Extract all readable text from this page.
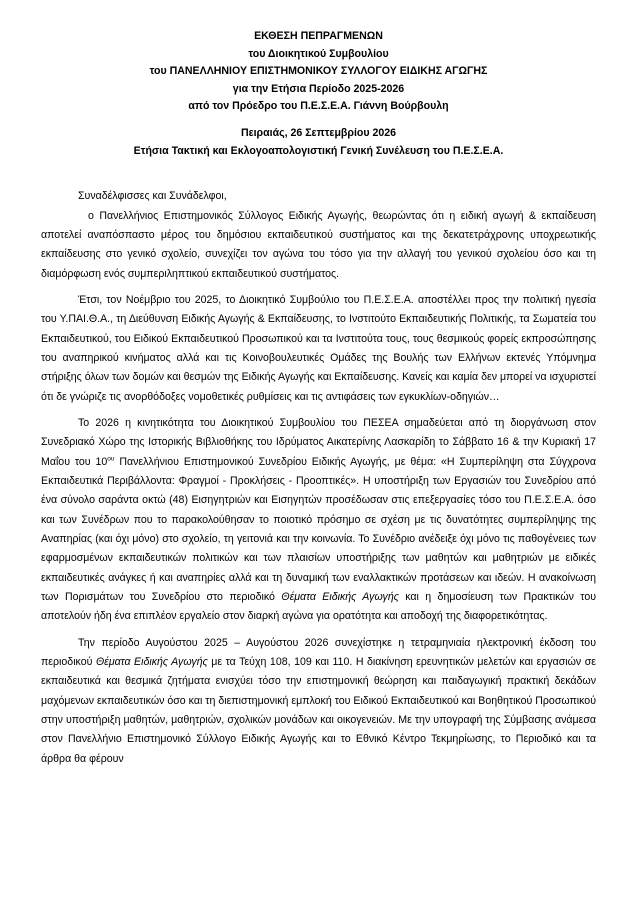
ΕΚΘΕΣΗ ΠΕΠΡΑΓΜΕΝΩΝ
του Διοικητικού Συμβουλίου
του ΠΑΝΕΛΛΗΝΙΟΥ ΕΠΙΣΤΗΜΟΝΙΚΟΥ ΣΥΛΛΟΓΟΥ ΕΙΔΙΚΗΣ ΑΓΩΓΗΣ
για την Ετήσια Περίοδο 2025-2026
από τον Πρόεδρο του Π.Ε.Σ.Ε.Α. Γιάννη Βούρβουλη
Πειραιάς, 26 Σεπτεμβρίου 2026
Ετήσια Τακτική και Εκλογοαπολογιστική Γενική Συνέλευση του Π.Ε.Σ.Ε.Α.

Συναδέλφισσες και Συνάδελφοι,

ο Πανελλήνιος Επιστημονικός Σύλλογος Ειδικής Αγωγής, θεωρώντας ότι η ειδική αγωγή & εκπαίδευση αποτελεί αναπόσπαστο μέρος του δημόσιου εκπαιδευτικού συστήματος και της δεκατετράχρονης υποχρεωτικής εκπαίδευσης στο γενικό σχολείο, συνεχίζει τον αγώνα του τόσο για την αλλαγή του γενικού σχολείου όσο και τη διαμόρφωση ενός συμπεριληπτικού εκπαιδευτικού συστήματος.

Έτσι, τον Νοέμβριο του 2025, το Διοικητικό Συμβούλιο του Π.Ε.Σ.Ε.Α. αποστέλλει προς την πολιτική ηγεσία του Υ.ΠΑΙ.Θ.Α., τη Διεύθυνση Ειδικής Αγωγής & Εκπαίδευσης, το Ινστιτούτο Εκπαιδευτικής Πολιτικής, τα Σωματεία του Εκπαιδευτικού, του Ειδικού Εκπαιδευτικού Προσωπικού και τα Ινστιτούτα τους, τους θεσμικούς φορείς εκπροσώπησης του αναπηρικού κινήματος αλλά και τις Κοινοβουλευτικές Ομάδες της Βουλής των Ελλήνων εκτενές Υπόμνημα στήριξης όλων των δομών και θεσμών της Ειδικής Αγωγής και Εκπαίδευσης. Κανείς και καμία δεν μπορεί να ισχυριστεί ότι δε γνώριζε τις ανορθόδοξες νομοθετικές ρυθμίσεις και τις αντιφάσεις των εγκυκλίων-οδηγιών…

Το 2026 η κινητικότητα του Διοικητικού Συμβουλίου του ΠΕΣΕΑ σημαδεύεται από τη διοργάνωση στον Συνεδριακό Χώρο της Ιστορικής Βιβλιοθήκης του Ιδρύματος Αικατερίνης Λασκαρίδη το Σάββατο 16 & την Κυριακή 17 Μαΐου του $10^{o\upsilon}$ Πανελλήνιου Επιστημονικού Συνεδρίου Ειδικής Αγωγής, με θέμα: «Η Συμπερίληψη στα Σύγχρονα Εκπαιδευτικά Περιβάλλοντα: Φραγμοί - Προκλήσεις - Προοπτικές». Η υποστήριξη των Εργασιών του Συνεδρίου από ένα σύνολο σαράντα οκτώ (48) Εισηγητριών και Εισηγητών προσέδωσαν στις επεξεργασίες τόσο του Π.Ε.Σ.Ε.Α. όσο και των Συνέδρων που το παρακολούθησαν το ποιοτικό πρόσημο σε σχέση με τις δυνατότητες συμπερίληψης της Αναπηρίας (και όχι μόνο) στο σχολείο, τη γειτονιά και την κοινωνία. Το Συνέδριο ανέδειξε όχι μόνο τις παθογένειες των εφαρμοσμένων εκπαιδευτικών πολιτικών και των πλαισίων υποστήριξης των μαθητών και μαθητριών με ειδικές εκπαιδευτικές ανάγκες ή και αναπηρίες αλλά και τη δυναμική των εναλλακτικών προτάσεων και ιδεών. Η ανακοίνωση των Πορισμάτων του Συνεδρίου στο περιοδικό Θέματα Ειδικής Αγωγής και η δημοσίευση των Πρακτικών του αποτελούν ήδη ένα επιπλέον εργαλείο στον διαρκή αγώνα για ορατότητα και αποδοχή της διαφορετικότητας.

Την περίοδο Αυγούστου 2025 – Αυγούστου 2026 συνεχίστηκε η τετραμηνιαία ηλεκτρονική έκδοση του περιοδικού Θέματα Ειδικής Αγωγής με τα Τεύχη 108, 109 και 110. Η διακίνηση ερευνητικών μελετών και εργασιών σε εκπαιδευτικά και θεσμικά ζητήματα ενισχύει τόσο την επιστημονική θεώρηση και παιδαγωγική πρακτική δεκάδων μαχόμενων εκπαιδευτικών όσο και τη διεπιστημονική εμπλοκή του Ειδικού Εκπαιδευτικού και Βοηθητικού Προσωπικού στην υποστήριξη μαθητών, μαθητριών, σχολικών μονάδων και οικογενειών. Με την υπογραφή της Σύμβασης ανάμεσα στον Πανελλήνιο Επιστημονικό Σύλλογο Ειδικής Αγωγής και το Εθνικό Κέντρο Τεκμηρίωσης, το Περιοδικό και τα άρθρα θα φέρουν
